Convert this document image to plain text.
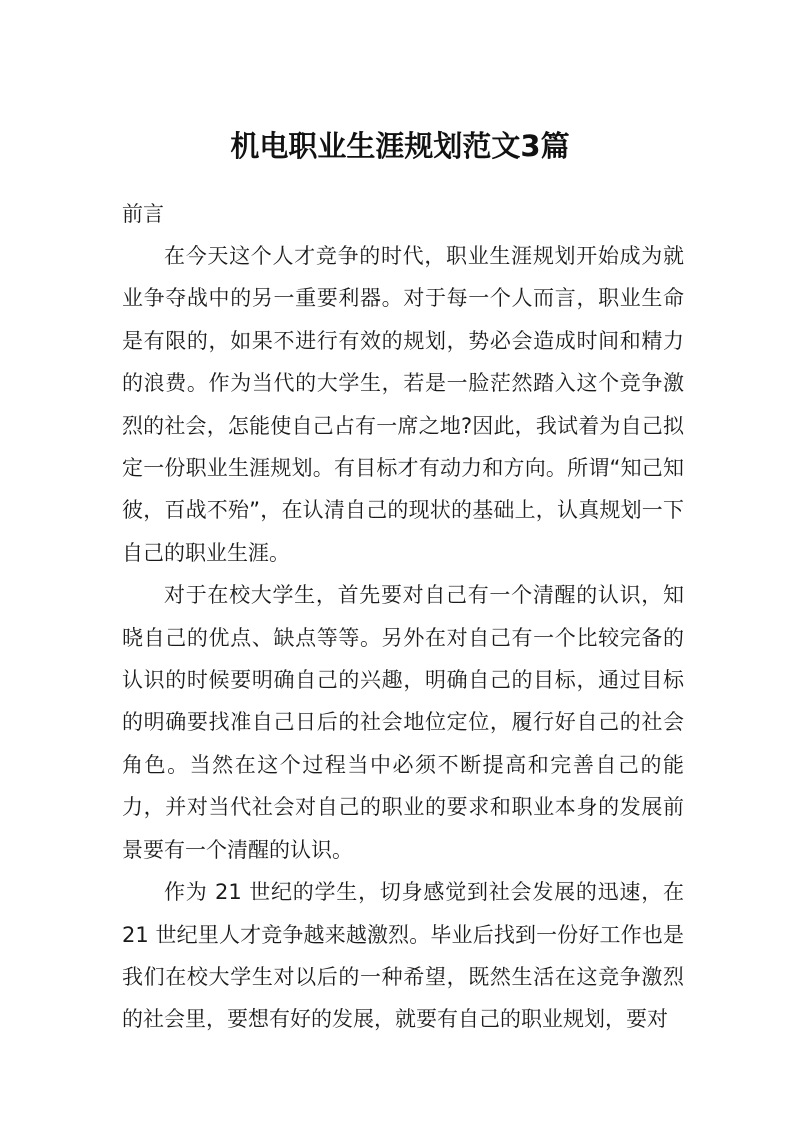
机电职业生涯规划范文3篇

前言

在今天这个人才竞争的时代，职业生涯规划开始成为就业争夺战中的另一重要利器。对于每一个人而言，职业生命是有限的，如果不进行有效的规划，势必会造成时间和精力的浪费。作为当代的大学生，若是一脸茫然踏入这个竞争激烈的社会，怎能使自己占有一席之地?因此，我试着为自己拟定一份职业生涯规划。有目标才有动力和方向。所谓“知己知彼，百战不殆”，在认清自己的现状的基础上，认真规划一下自己的职业生涯。

对于在校大学生，首先要对自己有一个清醒的认识，知晓自己的优点、缺点等等。另外在对自己有一个比较完备的认识的时候要明确自己的兴趣，明确自己的目标，通过目标的明确要找准自己日后的社会地位定位，履行好自己的社会角色。当然在这个过程当中必须不断提高和完善自己的能力，并对当代社会对自己的职业的要求和职业本身的发展前景要有一个清醒的认识。

作为 21 世纪的学生，切身感觉到社会发展的迅速，在 21 世纪里人才竞争越来越激烈。毕业后找到一份好工作也是我们在校大学生对以后的一种希望，既然生活在这竞争激烈的社会里，要想有好的发展，就要有自己的职业规划，要对
